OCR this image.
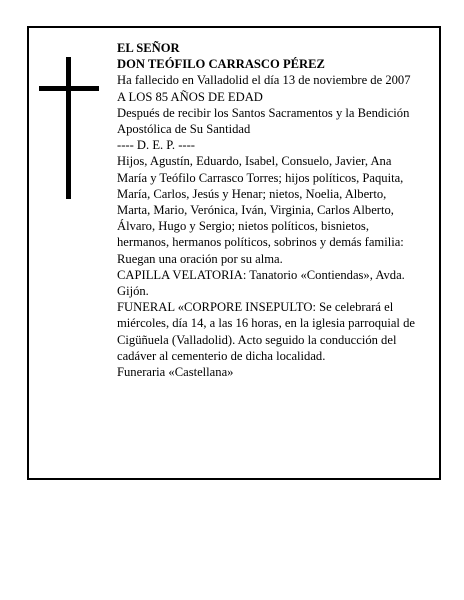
EL SEÑOR

DON TEÓFILO CARRASCO PÉREZ

Ha fallecido en Valladolid el día 13 de noviembre de 2007

A LOS 85 AÑOS DE EDAD

Después de recibir los Santos Sacramentos y la Bendición Apostólica de Su Santidad

---- D. E. P. ----

Hijos, Agustín, Eduardo, Isabel, Consuelo, Javier, Ana María y Teófilo Carrasco Torres; hijos políticos, Paquita, María, Carlos, Jesús y Henar; nietos, Noelia, Alberto, Marta, Mario, Verónica, Iván, Virginia, Carlos Alberto, Álvaro, Hugo y Sergio; nietos políticos, bisnietos, hermanos, hermanos políticos, sobrinos y demás familia:

Ruegan una oración por su alma.

CAPILLA VELATORIA: Tanatorio «Contiendas», Avda. Gijón.

FUNERAL «CORPORE INSEPULTO: Se celebrará el miércoles, día 14, a las 16 horas, en la iglesia parroquial de Cigüñuela (Valladolid). Acto seguido la conducción del cadáver al cementerio de dicha localidad.

Funeraria «Castellana»
